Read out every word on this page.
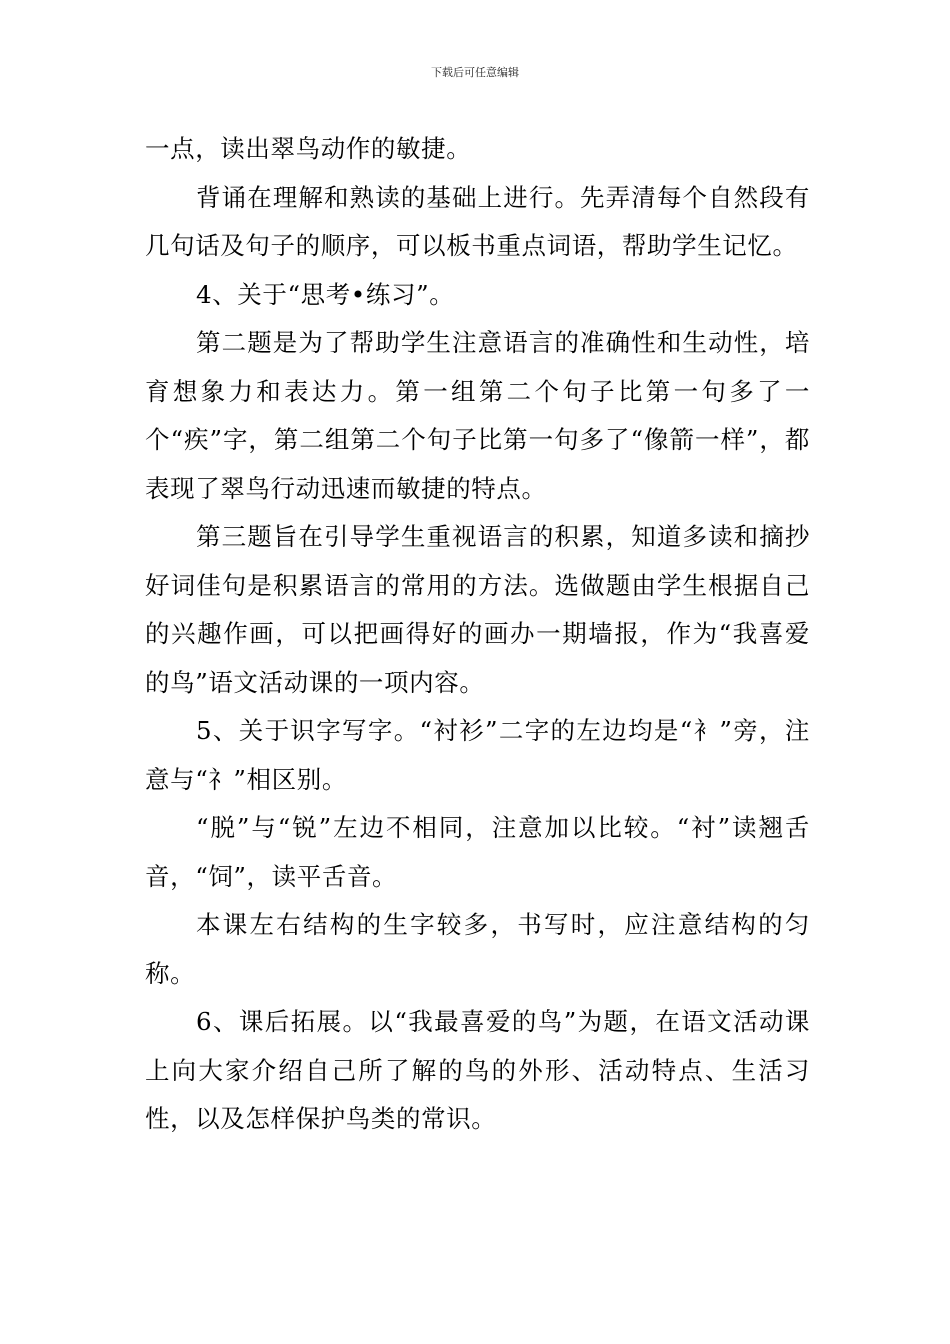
下载后可任意编辑

一点，读出翠鸟动作的敏捷。

背诵在理解和熟读的基础上进行。先弄清每个自然段有几句话及句子的顺序，可以板书重点词语，帮助学生记忆。

4、关于“思考•练习”。

第二题是为了帮助学生注意语言的准确性和生动性，培育想象力和表达力。第一组第二个句子比第一句多了一个“疾”字，第二组第二个句子比第一句多了“像箭一样”，都表现了翠鸟行动迅速而敏捷的特点。

第三题旨在引导学生重视语言的积累，知道多读和摘抄好词佳句是积累语言的常用的方法。选做题由学生根据自己的兴趣作画，可以把画得好的画办一期墙报，作为“我喜爱的鸟”语文活动课的一项内容。

5、关于识字写字。“衬衫”二字的左边均是“衤”旁，注意与“礻”相区别。

“脱”与“锐”左边不相同，注意加以比较。“衬”读翘舌音，“饲”，读平舌音。

本课左右结构的生字较多，书写时，应注意结构的匀称。

6、课后拓展。以“我最喜爱的鸟”为题，在语文活动课上向大家介绍自己所了解的鸟的外形、活动特点、生活习性，以及怎样保护鸟类的常识。
